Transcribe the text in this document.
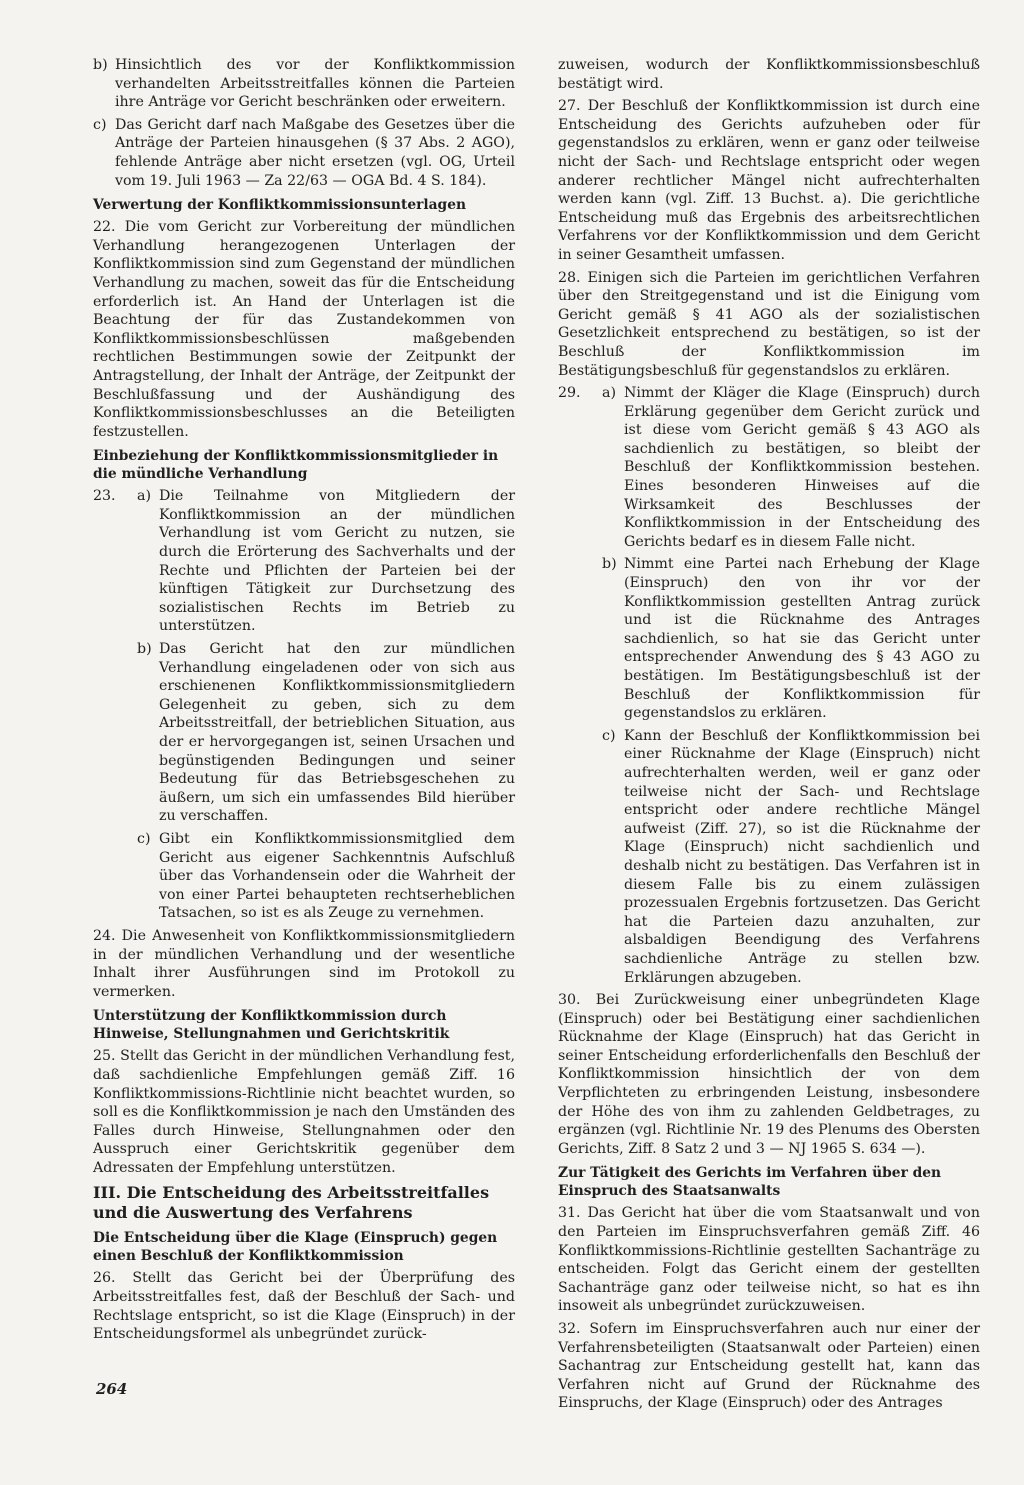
b) Hinsichtlich des vor der Konfliktkommission verhandelten Arbeitsstreitfalles können die Parteien ihre Anträge vor Gericht beschränken oder erweitern.
c) Das Gericht darf nach Maßgabe des Gesetzes über die Anträge der Parteien hinausgehen (§ 37 Abs. 2 AGO), fehlende Anträge aber nicht ersetzen (vgl. OG, Urteil vom 19. Juli 1963 — Za 22/63 — OGA Bd. 4 S. 184).
Verwertung der Konfliktkommissionsunterlagen

22. Die vom Gericht zur Vorbereitung der mündlichen Verhandlung herangezogenen Unterlagen der Konfliktkommission sind zum Gegenstand der mündlichen Verhandlung zu machen, soweit das für die Entscheidung erforderlich ist. An Hand der Unterlagen ist die Beachtung der für das Zustandekommen von Konfliktkommissionsbeschlüssen maßgebenden rechtlichen Bestimmungen sowie der Zeitpunkt der Antragstellung, der Inhalt der Anträge, der Zeitpunkt der Beschlußfassung und der Aushändigung des Konfliktkommissionsbeschlusses an die Beteiligten festzustellen.

Einbeziehung der Konfliktkommissionsmitglieder in die mündliche Verhandlung
23.	a) Die Teilnahme von Mitgliedern der Konfliktkommission an der mündlichen Verhandlung ist vom Gericht zu nutzen, sie durch die Erörterung des Sachverhalts und der Rechte und Pflichten der Parteien bei der künftigen Tätigkeit zur Durchsetzung des sozialistischen Rechts im Betrieb zu unterstützen.
b) Das Gericht hat den zur mündlichen Verhandlung eingeladenen oder von sich aus erschienenen Konfliktkommissionsmitgliedern Gelegenheit zu geben, sich zu dem Arbeitsstreitfall, der betrieblichen Situation, aus der er hervorgegangen ist, seinen Ursachen und begünstigenden Bedingungen und seiner Bedeutung für das Betriebsgeschehen zu äußern, um sich ein umfassendes Bild hierüber zu verschaffen.
c) Gibt ein Konfliktkommissionsmitglied dem Gericht aus eigener Sachkenntnis Aufschluß über das Vorhandensein oder die Wahrheit der von einer Partei behaupteten rechtserheblichen Tatsachen, so ist es als Zeuge zu vernehmen.

24. Die Anwesenheit von Konfliktkommissionsmitgliedern in der mündlichen Verhandlung und der wesentliche Inhalt ihrer Ausführungen sind im Protokoll zu vermerken.

Unterstützung der Konfliktkommission durch Hinweise, Stellungnahmen und Gerichtskritik

25. Stellt das Gericht in der mündlichen Verhandlung fest, daß sachdienliche Empfehlungen gemäß Ziff. 16 Konfliktkommissions-Richtlinie nicht beachtet wurden, so soll es die Konfliktkommission je nach den Umständen des Falles durch Hinweise, Stellungnahmen oder den Ausspruch einer Gerichtskritik gegenüber dem Adressaten der Empfehlung unterstützen.

III. Die Entscheidung des Arbeitsstreitfalles und die Auswertung des Verfahrens
Die Entscheidung über die Klage (Einspruch) gegen einen Beschluß der Konfliktkommission

26. Stellt das Gericht bei der Überprüfung des Arbeitsstreitfalles fest, daß der Beschluß der Sach- und Rechtslage entspricht, so ist die Klage (Einspruch) in der Entscheidungsformel als unbegründet zurück-

zuweisen, wodurch der Konfliktkommissionsbeschluß bestätigt wird.

27. Der Beschluß der Konfliktkommission ist durch eine Entscheidung des Gerichts aufzuheben oder für gegenstandslos zu erklären, wenn er ganz oder teilweise nicht der Sach- und Rechtslage entspricht oder wegen anderer rechtlicher Mängel nicht aufrechterhalten werden kann (vgl. Ziff. 13 Buchst. a). Die gerichtliche Entscheidung muß das Ergebnis des arbeitsrechtlichen Verfahrens vor der Konfliktkommission und dem Gericht in seiner Gesamtheit umfassen.

28. Einigen sich die Parteien im gerichtlichen Verfahren über den Streitgegenstand und ist die Einigung vom Gericht gemäß § 41 AGO als der sozialistischen Gesetzlichkeit entsprechend zu bestätigen, so ist der Beschluß der Konfliktkommission im Bestätigungsbeschluß für gegenstandslos zu erklären.

29.	a) Nimmt der Kläger die Klage (Einspruch) durch Erklärung gegenüber dem Gericht zurück und ist diese vom Gericht gemäß § 43 AGO als sachdienlich zu bestätigen, so bleibt der Beschluß der Konfliktkommission bestehen. Eines besonderen Hinweises auf die Wirksamkeit des Beschlusses der Konfliktkommission in der Entscheidung des Gerichts bedarf es in diesem Falle nicht.
b) Nimmt eine Partei nach Erhebung der Klage (Einspruch) den von ihr vor der Konfliktkommission gestellten Antrag zurück und ist die Rücknahme des Antrages sachdienlich, so hat sie das Gericht unter entsprechender Anwendung des § 43 AGO zu bestätigen. Im Bestätigungsbeschluß ist der Beschluß der Konfliktkommission für gegenstandslos zu erklären.
c) Kann der Beschluß der Konfliktkommission bei einer Rücknahme der Klage (Einspruch) nicht aufrechterhalten werden, weil er ganz oder teilweise nicht der Sach- und Rechtslage entspricht oder andere rechtliche Mängel aufweist (Ziff. 27), so ist die Rücknahme der Klage (Einspruch) nicht sachdienlich und deshalb nicht zu bestätigen. Das Verfahren ist in diesem Falle bis zu einem zulässigen prozessualen Ergebnis fortzusetzen. Das Gericht hat die Parteien dazu anzuhalten, zur alsbaldigen Beendigung des Verfahrens sachdienliche Anträge zu stellen bzw. Erklärungen abzugeben.

30. Bei Zurückweisung einer unbegründeten Klage (Einspruch) oder bei Bestätigung einer sachdienlichen Rücknahme der Klage (Einspruch) hat das Gericht in seiner Entscheidung erforderlichenfalls den Beschluß der Konfliktkommission hinsichtlich der von dem Verpflichteten zu erbringenden Leistung, insbesondere der Höhe des von ihm zu zahlenden Geldbetrages, zu ergänzen (vgl. Richtlinie Nr. 19 des Plenums des Obersten Gerichts, Ziff. 8 Satz 2 und 3 — NJ 1965 S. 634 —).

Zur Tätigkeit des Gerichts im Verfahren über den Einspruch des Staatsanwalts

31. Das Gericht hat über die vom Staatsanwalt und von den Parteien im Einspruchsverfahren gemäß Ziff. 46 Konfliktkommissions-Richtlinie gestellten Sachanträge zu entscheiden. Folgt das Gericht einem der gestellten Sachanträge ganz oder teilweise nicht, so hat es ihn insoweit als unbegründet zurückzuweisen.

32. Sofern im Einspruchsverfahren auch nur einer der Verfahrensbeteiligten (Staatsanwalt oder Parteien) einen Sachantrag zur Entscheidung gestellt hat, kann das Verfahren nicht auf Grund der Rücknahme des Einspruchs, der Klage (Einspruch) oder des Antrages

264
